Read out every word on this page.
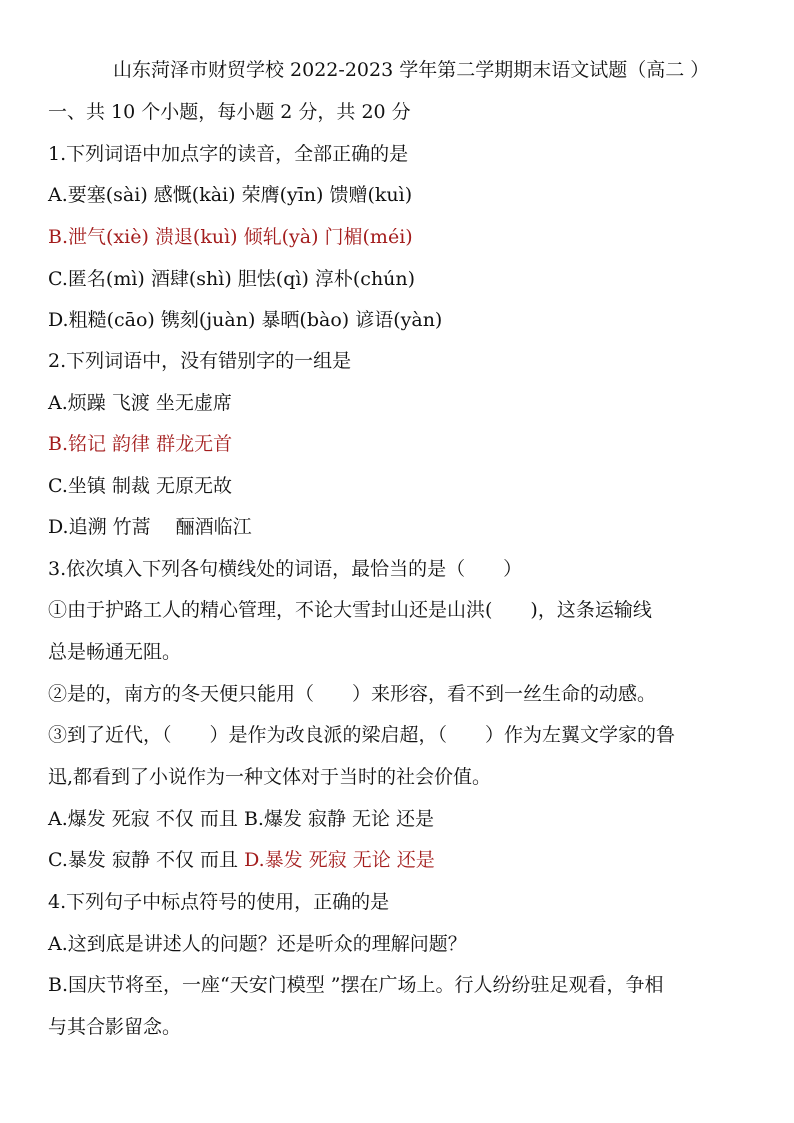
山东菏泽市财贸学校 2022-2023 学年第二学期期末语文试题（高二 ）
一、共 10 个小题，每小题 2 分，共 20 分
1.下列词语中加点字的读音，全部正确的是
A.要塞(sài) 感慨(kài) 荣膺(yīn) 馈赠(kuì)
B.泄气(xiè) 溃退(kuì) 倾轧(yà) 门楣(méi)
C.匿名(mì) 酒肆(shì) 胆怯(qì) 淳朴(chún)
D.粗糙(cāo) 镌刻(juàn) 暴晒(bào) 谚语(yàn)
2.下列词语中，没有错别字的一组是
A.烦躁 飞渡 坐无虚席
B.铭记 韵律 群龙无首
C.坐镇 制裁 无原无故
D.追溯 竹蒿 　酾酒临江
3.依次填入下列各句横线处的词语，最恰当的是（　　）
①由于护路工人的精心管理，不论大雪封山还是山洪(　　)，这条运输线
总是畅通无阻。
②是的，南方的冬天便只能用（　　）来形容，看不到一丝生命的动感。
③到了近代，（　　）是作为改良派的梁启超，（　　）作为左翼文学家的鲁
迅,都看到了小说作为一种文体对于当时的社会价值。
A.爆发 死寂 不仅 而且 B.爆发 寂静 无论 还是
C.暴发 寂静 不仅 而且 D.暴发 死寂 无论 还是
4.下列句子中标点符号的使用，正确的是
A.这到底是讲述人的问题？还是听众的理解问题？
B.国庆节将至，一座“天安门模型 ”摆在广场上。行人纷纷驻足观看，争相
与其合影留念。
